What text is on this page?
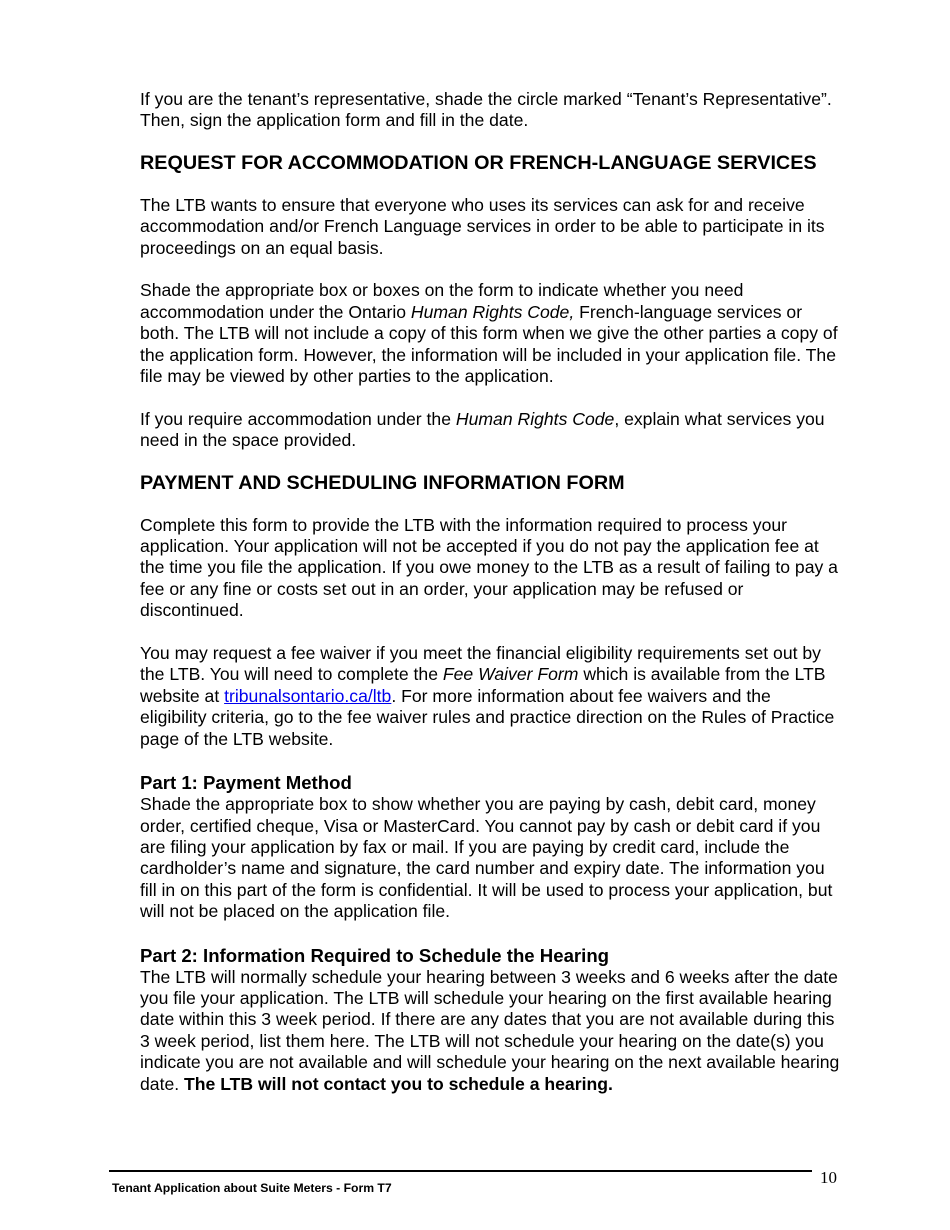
If you are the tenant’s representative, shade the circle marked “Tenant’s Representative”. Then, sign the application form and fill in the date.

REQUEST FOR ACCOMMODATION OR FRENCH-LANGUAGE SERVICES

The LTB wants to ensure that everyone who uses its services can ask for and receive accommodation and/or French Language services in order to be able to participate in its proceedings on an equal basis.

Shade the appropriate box or boxes on the form to indicate whether you need accommodation under the Ontario Human Rights Code, French-language services or both. The LTB will not include a copy of this form when we give the other parties a copy of the application form. However, the information will be included in your application file. The file may be viewed by other parties to the application.

If you require accommodation under the Human Rights Code, explain what services you need in the space provided.

PAYMENT AND SCHEDULING INFORMATION FORM

Complete this form to provide the LTB with the information required to process your application. Your application will not be accepted if you do not pay the application fee at the time you file the application. If you owe money to the LTB as a result of failing to pay a fee or any fine or costs set out in an order, your application may be refused or discontinued.

You may request a fee waiver if you meet the financial eligibility requirements set out by the LTB. You will need to complete the Fee Waiver Form which is available from the LTB website at tribunalsontario.ca/ltb. For more information about fee waivers and the eligibility criteria, go to the fee waiver rules and practice direction on the Rules of Practice page of the LTB website.

Part 1: Payment Method

Shade the appropriate box to show whether you are paying by cash, debit card, money order, certified cheque, Visa or MasterCard. You cannot pay by cash or debit card if you are filing your application by fax or mail. If you are paying by credit card, include the cardholder’s name and signature, the card number and expiry date. The information you fill in on this part of the form is confidential. It will be used to process your application, but will not be placed on the application file.

Part 2: Information Required to Schedule the Hearing

The LTB will normally schedule your hearing between 3 weeks and 6 weeks after the date you file your application. The LTB will schedule your hearing on the first available hearing date within this 3 week period. If there are any dates that you are not available during this 3 week period, list them here. The LTB will not schedule your hearing on the date(s) you indicate you are not available and will schedule your hearing on the next available hearing date. The LTB will not contact you to schedule a hearing.

Tenant Application about Suite Meters - Form T7
10
